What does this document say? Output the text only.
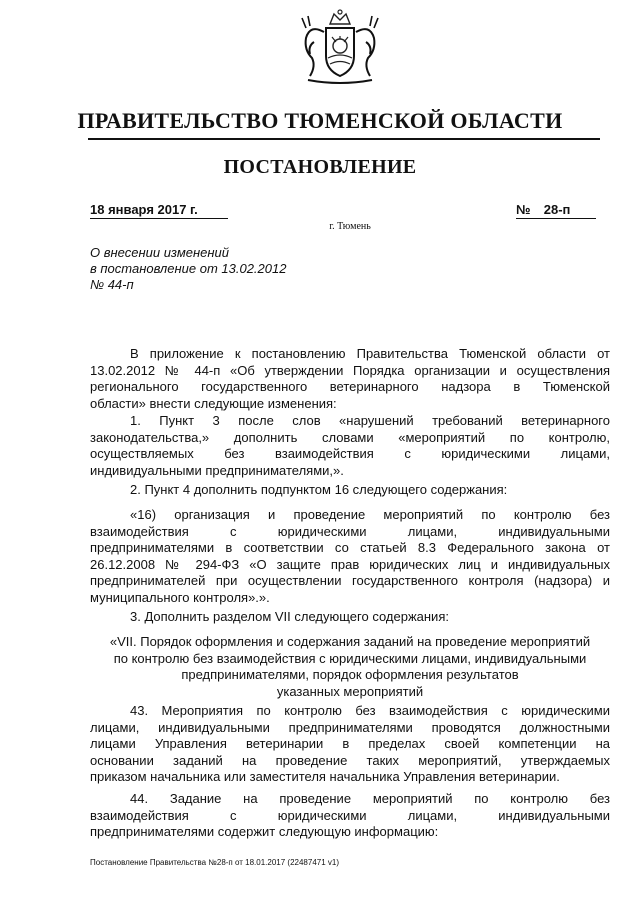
ПРАВИТЕЛЬСТВО ТЮМЕНСКОЙ ОБЛАСТИ
ПОСТАНОВЛЕНИЕ
18 января 2017 г.	№ 28-п
г. Тюмень
О внесении изменений
в постановление от 13.02.2012
№ 44-п
В приложение к постановлению Правительства Тюменской области от
13.02.2012 № 44-п «Об утверждении Порядка организации и осуществления
регионального государственного ветеринарного надзора в Тюменской
области» внести следующие изменения:
1. Пункт 3 после слов «нарушений требований ветеринарного
законодательства,» дополнить словами «мероприятий по контролю,
осуществляемых без взаимодействия с юридическими лицами,
индивидуальными предпринимателями,».
2. Пункт 4 дополнить подпунктом 16 следующего содержания:
«16) организация и проведение мероприятий по контролю без
взаимодействия с юридическими лицами, индивидуальными
предпринимателями в соответствии со статьей 8.3 Федерального закона от
26.12.2008 № 294-ФЗ «О защите прав юридических лиц и индивидуальных
предпринимателей при осуществлении государственного контроля (надзора) и
муниципального контроля».».
3. Дополнить разделом VII следующего содержания:
«VII. Порядок оформления и содержания заданий на проведение мероприятий
по контролю без взаимодействия с юридическими лицами, индивидуальными
предпринимателями, порядок оформления результатов
указанных мероприятий
43. Мероприятия по контролю без взаимодействия с юридическими
лицами, индивидуальными предпринимателями проводятся должностными
лицами Управления ветеринарии в пределах своей компетенции на
основании заданий на проведение таких мероприятий, утверждаемых
приказом начальника или заместителя начальника Управления ветеринарии.
44. Задание на проведение мероприятий по контролю без
взаимодействия с юридическими лицами, индивидуальными
предпринимателями содержит следующую информацию:
Постановление Правительства №28-п от 18.01.2017 (22487471 v1)
